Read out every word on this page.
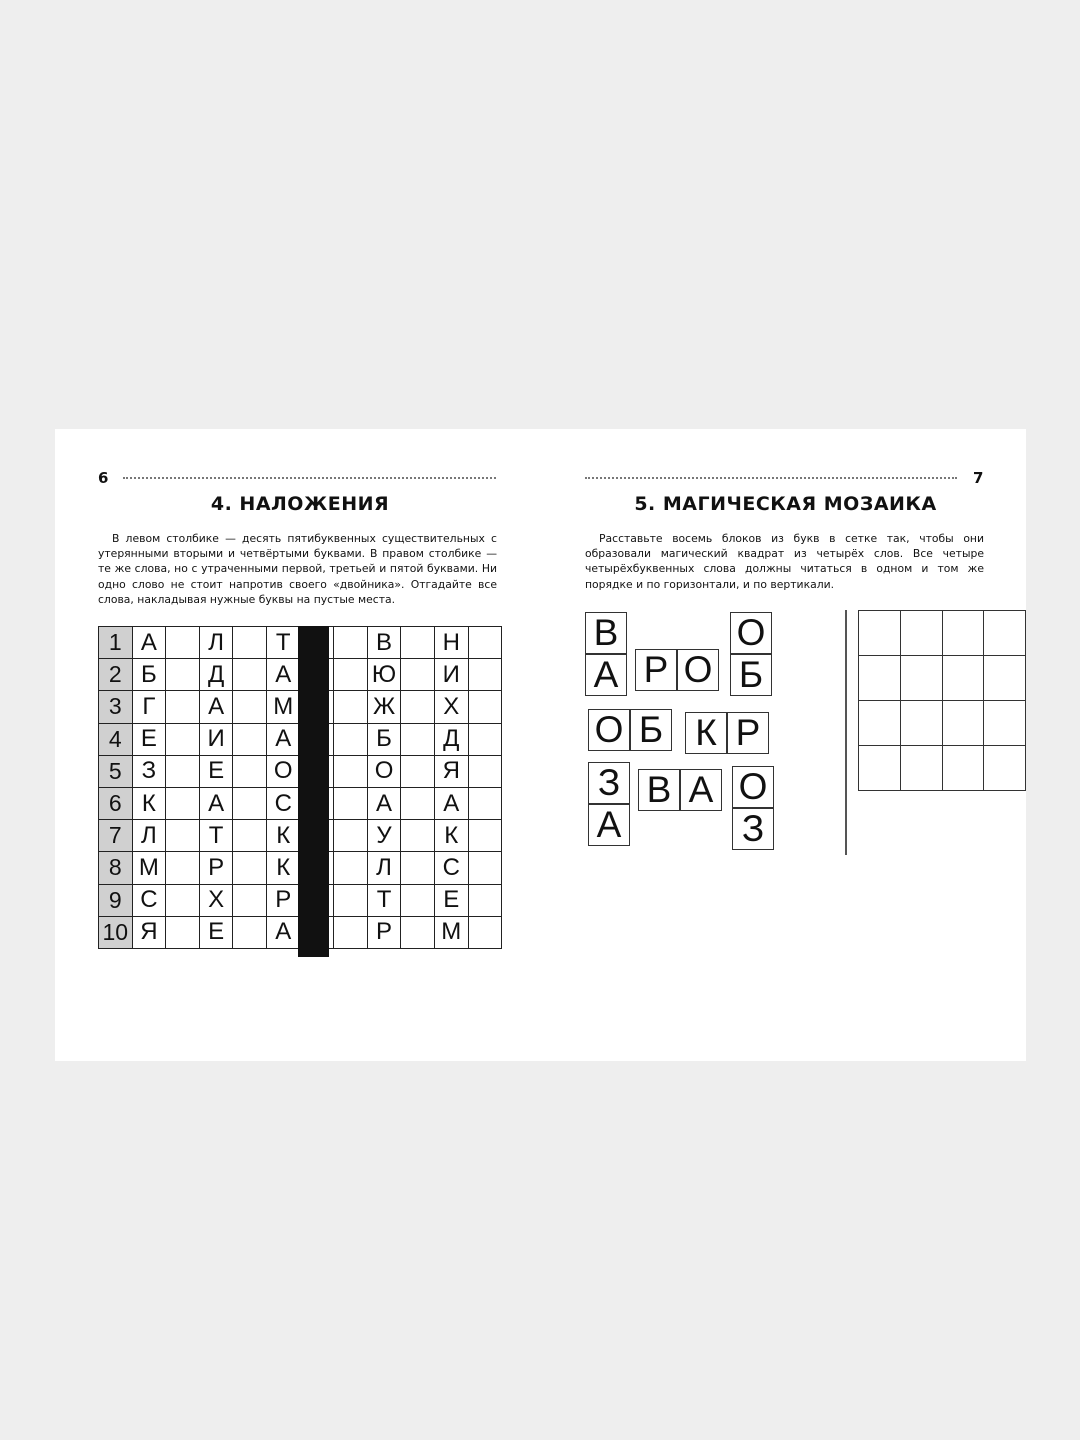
6
4. НАЛОЖЕНИЯ

В левом столбике — десять пятибуквенных существительных с утерянными вторыми и четвёртыми буквами. В правом столбике — те же слова, но с утраченными первой, третьей и пятой буквами. Ни одно слово не стоит напротив своего «двойника». Отгадайте все слова, накладывая нужные буквы на пустые места.

1	А		Л		Т			В		Н	
2	Б		Д		А			Ю		И	
3	Г		А		М			Ж		Х	
4	Е		И		А			Б		Д	
5	З		Е		О			О		Я	
6	К		А		С			А		А	
7	Л		Т		К			У		К	
8	М		Р		К			Л		С	
9	С		Х		Р			Т		Е	
10	Я		Е		А			Р		М	
7
5. МАГИЧЕСКАЯ МОЗАИКА

Расставьте восемь блоков из букв в сетке так, чтобы они образовали магический квадрат из четырёх слов. Все четыре четырёхбуквенных слова должны читаться в одном и том же порядке и по горизонтали, и по вертикали.

В
А Р О
О
Б
О Б К Р
З
А
В А О
З
